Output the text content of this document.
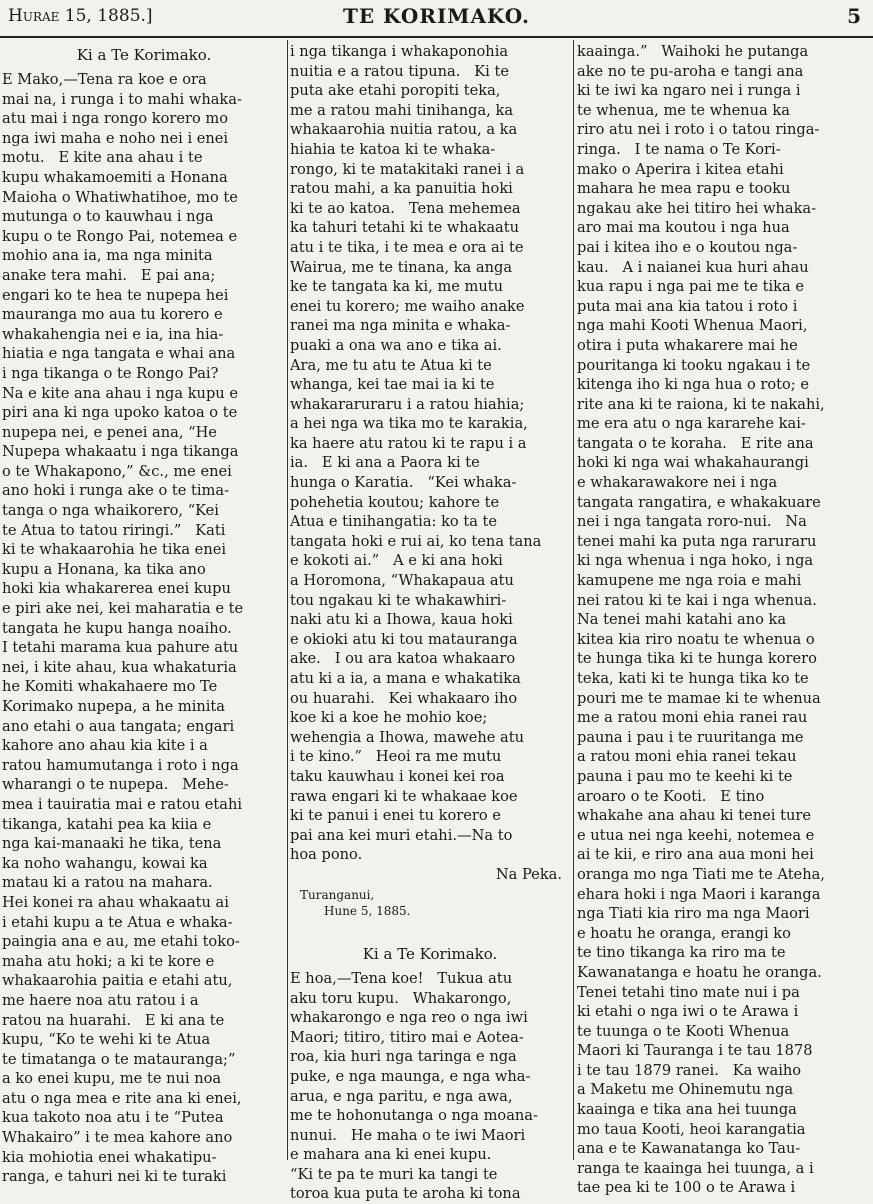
Hurae 15, 1885.]	TE KORIMAKO.	5
Ki a Te Korimako.
E Mako,—Tena ra koe e ora
mai na, i runga i to mahi whaka-
atu mai i nga rongo korero mo
nga iwi maha e noho nei i enei
motu.   E kite ana ahau i te
kupu whakamoemiti a Honana
Maioha o Whatiwhatihoe, mo te
mutunga o to kauwhau i nga
kupu o te Rongo Pai, notemea e
mohio ana ia, ma nga minita
anake tera mahi.   E pai ana;
engari ko te hea te nupepa hei
mauranga mo aua tu korero e
whakahengia nei e ia, ina hia-
hiatia e nga tangata e whai ana
i nga tikanga o te Rongo Pai?
Na e kite ana ahau i nga kupu e
piri ana ki nga upoko katoa o te
nupepa nei, e penei ana, “He
Nupepa whakaatu i nga tikanga
o te Whakapono,” &c., me enei
ano hoki i runga ake o te tima-
tanga o nga whaikorero, “Kei
te Atua to tatou riringi.”   Kati
ki te whakaarohia he tika enei
kupu a Honana, ka tika ano
hoki kia whakarerea enei kupu
e piri ake nei, kei maharatia e te
tangata he kupu hanga noaiho.
I tetahi marama kua pahure atu
nei, i kite ahau, kua whakaturia
he Komiti whakahaere mo Te
Korimako nupepa, a he minita
ano etahi o aua tangata; engari
kahore ano ahau kia kite i a
ratou hamumutanga i roto i nga
wharangi o te nupepa.   Mehe-
mea i tauiratia mai e ratou etahi
tikanga, katahi pea ka kiia e
nga kai-manaaki he tika, tena
ka noho wahangu, kowai ka
matau ki a ratou na mahara.
Hei konei ra ahau whakaatu ai
i etahi kupu a te Atua e whaka-
paingia ana e au, me etahi toko-
maha atu hoki; a ki te kore e
whakaarohia paitia e etahi atu,
me haere noa atu ratou i a
ratou na huarahi.   E ki ana te
kupu, “Ko te wehi ki te Atua
te timatanga o te matauranga;”
a ko enei kupu, me te nui noa
atu o nga mea e rite ana ki enei,
kua takoto noa atu i te “Putea
Whakairo” i te mea kahore ano
kia mohiotia enei whakatipu-
ranga, e tahuri nei ki te turaki
i nga tikanga i whakaponohia
nuitia e a ratou tipuna.   Ki te
puta ake etahi poropiti teka,
me a ratou mahi tinihanga, ka
whakaarohia nuitia ratou, a ka
hiahia te katoa ki te whaka-
rongo, ki te matakitaki ranei i a
ratou mahi, a ka panuitia hoki
ki te ao katoa.   Tena mehemea
ka tahuri tetahi ki te whakaatu
atu i te tika, i te mea e ora ai te
Wairua, me te tinana, ka anga
ke te tangata ka ki, me mutu
enei tu korero; me waiho anake
ranei ma nga minita e whaka-
puaki a ona wa ano e tika ai.
Ara, me tu atu te Atua ki te
whanga, kei tae mai ia ki te
whakararuraru i a ratou hiahia;
a hei nga wa tika mo te karakia,
ka haere atu ratou ki te rapu i a
ia.   E ki ana a Paora ki te
hunga o Karatia.   “Kei whaka-
pohehetia koutou; kahore te
Atua e tinihangatia: ko ta te
tangata hoki e rui ai, ko tena tana
e kokoti ai.”   A e ki ana hoki
a Horomona, “Whakapaua atu
tou ngakau ki te whakawhiri-
naki atu ki a Ihowa, kaua hoki
e okioki atu ki tou matauranga
ake.   I ou ara katoa whakaaro
atu ki a ia, a mana e whakatika
ou huarahi.   Kei whakaaro iho
koe ki a koe he mohio koe;
wehengia a Ihowa, mawehe atu
i te kino.”   Heoi ra me mutu
taku kauwhau i konei kei roa
rawa engari ki te whakaae koe
ki te panui i enei tu korero e
pai ana kei muri etahi.—Na to
hoa pono.
Na Peka.
Turanganui,
Hune 5, 1885.
Ki a Te Korimako.
E hoa,—Tena koe!   Tukua atu
aku toru kupu.   Whakarongo,
whakarongo e nga reo o nga iwi
Maori; titiro, titiro mai e Aotea-
roa, kia huri nga taringa e nga
puke, e nga maunga, e nga wha-
arua, e nga paritu, e nga awa,
me te hohonutanga o nga moana-
nunui.   He maha o te iwi Maori
e mahara ana ki enei kupu.
“Ki te pa te muri ka tangi te
toroa kua puta te aroha ki tona
kaainga.”   Waihoki he putanga
ake no te pu-aroha e tangi ana
ki te iwi ka ngaro nei i runga i
te whenua, me te whenua ka
riro atu nei i roto i o tatou ringa-
ringa.   I te nama o Te Kori-
mako o Aperira i kitea etahi
mahara he mea rapu e tooku
ngakau ake hei titiro hei whaka-
aro mai ma koutou i nga hua
pai i kitea iho e o koutou nga-
kau.   A i naianei kua huri ahau
kua rapu i nga pai me te tika e
puta mai ana kia tatou i roto i
nga mahi Kooti Whenua Maori,
otira i puta whakarere mai he
pouritanga ki tooku ngakau i te
kitenga iho ki nga hua o roto; e
rite ana ki te raiona, ki te nakahi,
me era atu o nga kararehe kai-
tangata o te koraha.   E rite ana
hoki ki nga wai whakahaurangi
e whakarawakore nei i nga
tangata rangatira, e whakakuare
nei i nga tangata roro-nui.   Na
tenei mahi ka puta nga raruraru
ki nga whenua i nga hoko, i nga
kamupene me nga roia e mahi
nei ratou ki te kai i nga whenua.
Na tenei mahi katahi ano ka
kitea kia riro noatu te whenua o
te hunga tika ki te hunga korero
teka, kati ki te hunga tika ko te
pouri me te mamae ki te whenua
me a ratou moni ehia ranei rau
pauna i pau i te ruuritanga me
a ratou moni ehia ranei tekau
pauna i pau mo te keehi ki te
aroaro o te Kooti.   E tino
whakahe ana ahau ki tenei ture
e utua nei nga keehi, notemea e
ai te kii, e riro ana aua moni hei
oranga mo nga Tiati me te Ateha,
ehara hoki i nga Maori i karanga
nga Tiati kia riro ma nga Maori
e hoatu he oranga, erangi ko
te tino tikanga ka riro ma te
Kawanatanga e hoatu he oranga.
Tenei tetahi tino mate nui i pa
ki etahi o nga iwi o te Arawa i
te tuunga o te Kooti Whenua
Maori ki Tauranga i te tau 1878
i te tau 1879 ranei.   Ka waiho
a Maketu me Ohinemutu nga
kaainga e tika ana hei tuunga
mo taua Kooti, heoi karangatia
ana e te Kawanatanga ko Tau-
ranga te kaainga hei tuunga, a i
tae pea ki te 100 o te Arawa i
